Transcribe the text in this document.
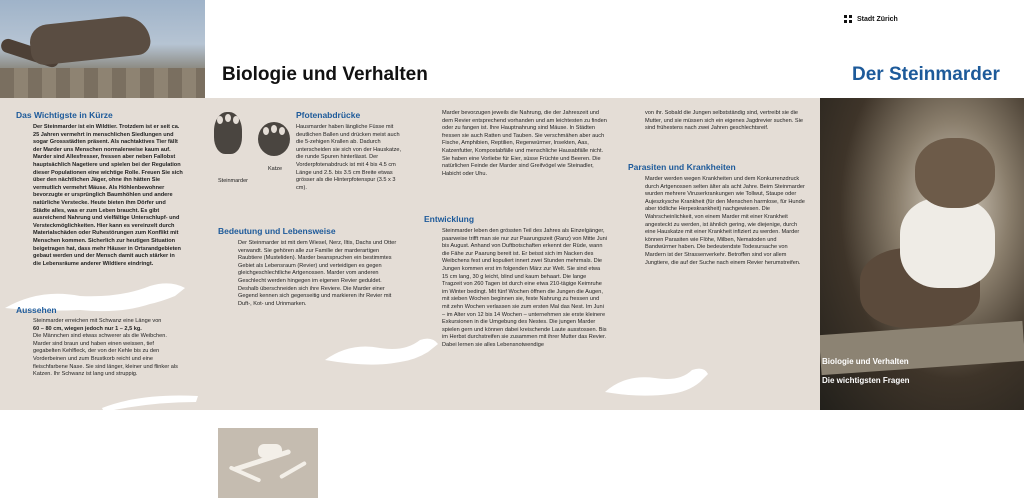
Stadt Zürich
Biologie und Verhalten	Der Steinmarder
Das Wichtigste in Kürze

Der Steinmarder ist ein Wildtier. Trotzdem ist er seit ca. 25 Jahren vermehrt in menschlichen Siedlungen und sogar Grossstädten präsent. Als nachtaktives Tier fällt der Marder uns Menschen normalerweise kaum auf. Marder sind Allesfresser, fressen aber neben Fallobst hauptsächlich Nagetiere und spielen bei der Regulation dieser Populationen eine wichtige Rolle. Freuen Sie sich über den nächtlichen Jäger, ohne ihn hätten Sie vermutlich vermehrt Mäuse. Als Höhlenbewohner bevorzugte er ursprünglich Baumhöhlen und andere natürliche Verstecke. Heute bieten ihm Dörfer und Städte alles, was er zum Leben braucht. Es gibt ausreichend Nahrung und vielfältige Unterschlupf- und Versteckmöglichkeiten. Hier kann es vereinzelt durch Materialschäden oder Ruhestörungen zum Konflikt mit Menschen kommen. Sicherlich zur heutigen Situation beigetragen hat, dass mehr Häuser in Ortsrandgebieten gebaut werden und der Mensch damit auch stärker in die Lebensräume anderer Wildtiere eindringt.

Aussehen

Steinmarder erreichen mit Schwanz eine Länge von

60 – 80 cm, wiegen jedoch nur 1 – 2,5 kg.

Die Männchen sind etwas schwerer als die Weibchen. Marder sind braun und haben einen weissen, tief gegabelten Kehlfleck, der von der Kehle bis zu den Vorderbeinen und zum Brustkorb reicht und eine fleischfarbene Nase. Sie sind länger, kleiner und flinker als Katzen. Ihr Schwanz ist lang und struppig.

Katze
Steinmarder
Pfotenabdrücke

Hausmarder haben längliche Füsse mit deutlichen Ballen und drücken meist auch die 5-zehigen Krallen ab. Dadurch unterscheiden sie sich von der Hauskatze, die runde Spuren hinterlässt. Der Vorderpfotenabdruck ist mit 4 bis 4.5 cm Länge und 2.5. bis 3.5 cm Breite etwas grösser als die Hinterpfotenspur (3.5 x 3 cm).

Bedeutung und Lebensweise

Der Steinmarder ist mit dem Wiesel, Nerz, Iltis, Dachs und Otter verwandt. Sie gehören alle zur Familie der marderartigen Raubtiere (Musteliden). Marder beanspruchen ein bestimmtes Gebiet als Lebensraum (Revier) und verteidigen es gegen gleichgeschlechtliche Artgenossen. Marder vom anderen Geschlecht werden hingegen im eigenen Revier geduldet. Deshalb überschneiden sich ihre Reviere. Die Marder einer Gegend kennen sich gegenseitig und markieren ihr Revier mit Duft-, Kot- und Urinmarken.

Marder bevorzugen jeweils die Nahrung, die der Jahreszeit und dem Revier entsprechend vorhanden und am leichtesten zu finden oder zu fangen ist. Ihre Hauptnahrung sind Mäuse. In Städten fressen sie auch Ratten und Tauben. Sie verschmähen aber auch Fische, Amphibien, Reptilien, Regenwürmer, Insekten, Aas, Katzenfutter, Kompostabfälle und menschliche Hausabfälle nicht. Sie haben eine Vorliebe für Eier, süsse Früchte und Beeren. Die natürlichen Feinde der Marder sind Greifvögel wie Steinadler, Habicht oder Uhu.

Entwicklung

Steinmarder leben den grössten Teil des Jahres als Einzelgänger, paarweise trifft man sie nur zur Paarungszeit (Ranz) von Mitte Juni bis August. Anhand von Duftbotschaften erkennt der Rüde, wann die Fähe zur Paarung bereit ist. Er beisst sich im Nacken des Weibchens fest und kopuliert innert zwei Stunden mehrmals. Die Jungen kommen erst im folgenden März zur Welt. Sie sind etwa 15 cm lang, 30 g leicht, blind und kaum behaart. Die lange Tragzeit von 260 Tagen ist durch eine etwa 210-tägige Keimruhe im Winter bedingt. Mit fünf Wochen öffnen die Jungen die Augen, mit sieben Wochen beginnen sie, feste Nahrung zu fressen und mit zehn Wochen verlassen sie zum ersten Mal das Nest. Im Juni – im Alter von 12 bis 14 Wochen – unternehmen sie erste kleinere Exkursionen in die Umgebung des Nestes. Die jungen Marder spielen gern und können dabei kreischende Laute ausstossen. Bis im Herbst durchstreifen sie zusammen mit ihrer Mutter das Revier. Dabei lernen sie alles Lebensnotwendige

von ihr. Sobald die Jungen selbstständig sind, vertreibt sie die Mutter, und sie müssen sich ein eigenes Jagdrevier suchen. Sie sind frühestens nach zwei Jahren geschlechtsreif.

Parasiten und Krankheiten

Marder werden wegen Krankheiten und dem Konkurrenzdruck durch Artgenossen selten älter als acht Jahre. Beim Steinmarder wurden mehrere Viruserkrankungen wie Tollwut, Staupe oder Aujeszkysche Krankheit (für den Menschen harmlose, für Hunde aber tödliche Herpeskrankheit) nachgewiesen. Die Wahrscheinlichkeit, von einem Marder mit einer Krankheit angesteckt zu werden, ist ähnlich gering, wie diejenige, durch eine Hauskatze mit einer Krankheit infiziert zu werden. Marder können Parasiten wie Flöhe, Milben, Nematoden und Bandwürmer haben. Die bedeutendste Todesursache von Mardern ist der Strassenverkehr. Betroffen sind vor allem Jungtiere, die auf der Suche nach einem Revier herumstreifen.

Biologie und Verhalten
Die wichtigsten Fragen
